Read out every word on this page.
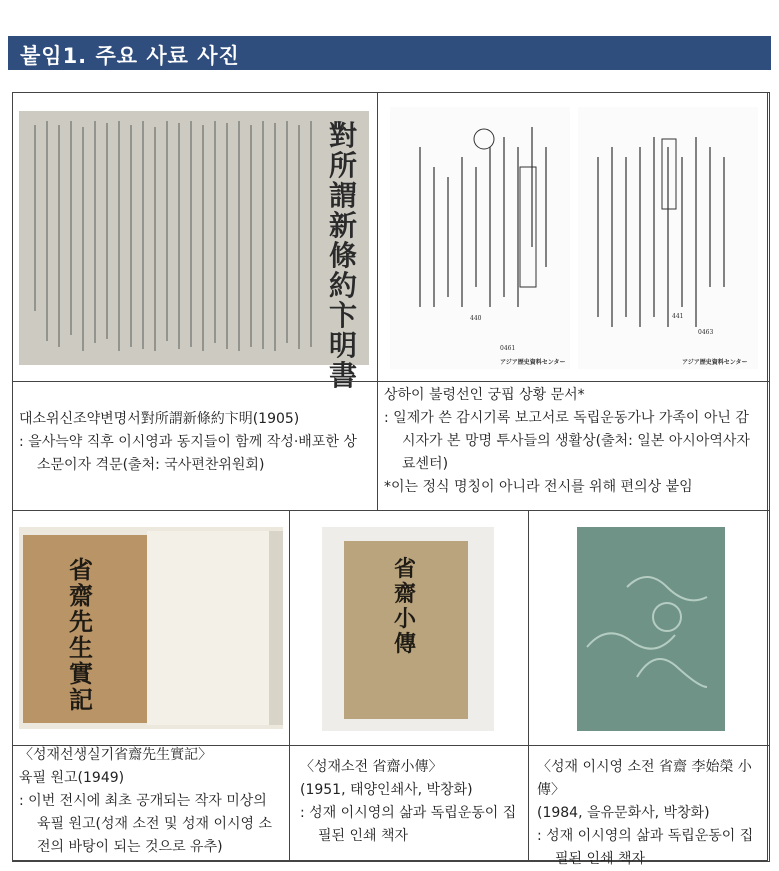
붙임1. 주요 사료 사진
對所謂新條約卞明書
0461
440
アジア歴史資料センター
0463
441
アジア歴史資料センター
대소위신조약변명서對所謂新條約卞明(1905)
: 을사늑약 직후 이시영과 동지들이 함께 작성·배포한 상소문이자 격문(출처: 국사편찬위원회)
상하이 불령선인 궁핍 상황 문서*
: 일제가 쓴 감시기록 보고서로 독립운동가나 가족이 아닌 감시자가 본 망명 투사들의 생활상(출처: 일본 아시아역사자료센터)
*이는 정식 명칭이 아니라 전시를 위해 편의상 붙임
省齋先生實記
省齋小傳
〈성재선생실기省齋先生實記〉
육필 원고(1949)
: 이번 전시에 최초 공개되는 작자 미상의 육필 원고(성재 소전 및 성재 이시영 소전의 바탕이 되는 것으로 유추)
〈성재소전 省齋小傳〉
(1951, 태양인쇄사, 박창화)
: 성재 이시영의 삶과 독립운동이 집필된 인쇄 책자
〈성재 이시영 소전 省齋 李始榮 小傳〉
(1984, 을유문화사, 박창화)
: 성재 이시영의 삶과 독립운동이 집필된 인쇄 책자
